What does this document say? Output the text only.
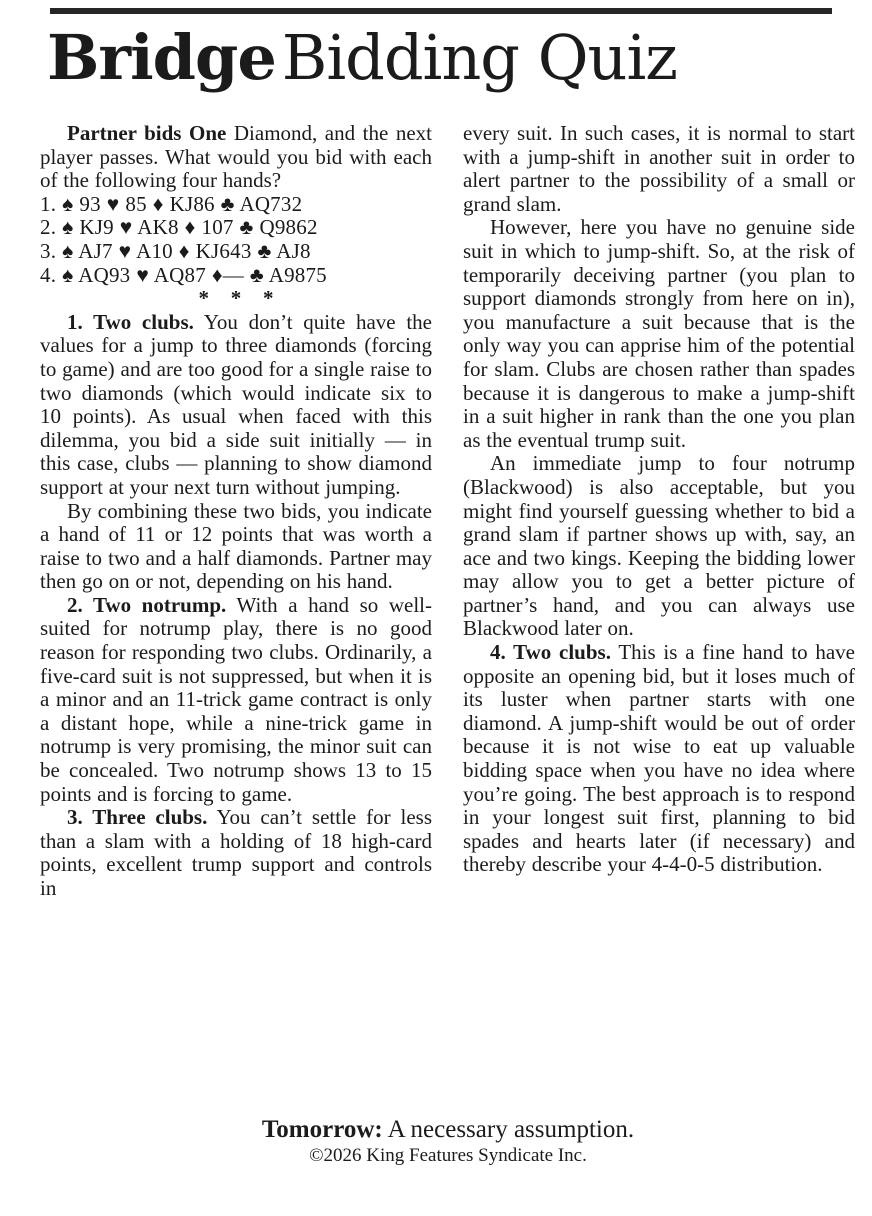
BridgeBidding Quiz

Partner bids One Diamond, and the next player passes. What would you bid with each of the following four hands?

1. ♠ 93 ♥ 85 ♦ KJ86 ♣ AQ732
2. ♠ KJ9 ♥ AK8 ♦ 107 ♣ Q9862
3. ♠ AJ7 ♥ A10 ♦ KJ643 ♣ AJ8
4. ♠ AQ93 ♥ AQ87 ♦— ♣ A9875
* * *

1. Two clubs. You don’t quite have the values for a jump to three diamonds (forcing to game) and are too good for a single raise to two diamonds (which would indicate six to 10 points). As usual when faced with this dilemma, you bid a side suit initially — in this case, clubs — planning to show diamond support at your next turn without jumping.

By combining these two bids, you indicate a hand of 11 or 12 points that was worth a raise to two and a half diamonds. Partner may then go on or not, depending on his hand.

2. Two notrump. With a hand so well-suited for notrump play, there is no good reason for responding two clubs. Ordinarily, a five-card suit is not suppressed, but when it is a minor and an 11-trick game contract is only a distant hope, while a nine-trick game in notrump is very promising, the minor suit can be concealed. Two notrump shows 13 to 15 points and is forcing to game.

3. Three clubs. You can’t settle for less than a slam with a holding of 18 high-card points, excellent trump support and controls in

every suit. In such cases, it is normal to start with a jump-shift in another suit in order to alert partner to the possibility of a small or grand slam.

However, here you have no genuine side suit in which to jump-shift. So, at the risk of temporarily deceiving partner (you plan to support diamonds strongly from here on in), you manufacture a suit because that is the only way you can apprise him of the potential for slam. Clubs are chosen rather than spades because it is dangerous to make a jump-shift in a suit higher in rank than the one you plan as the eventual trump suit.

An immediate jump to four notrump (Blackwood) is also acceptable, but you might find yourself guessing whether to bid a grand slam if partner shows up with, say, an ace and two kings. Keeping the bidding lower may allow you to get a better picture of partner’s hand, and you can always use Blackwood later on.

4. Two clubs. This is a fine hand to have opposite an opening bid, but it loses much of its luster when partner starts with one diamond. A jump-shift would be out of order because it is not wise to eat up valuable bidding space when you have no idea where you’re going. The best approach is to respond in your longest suit first, planning to bid spades and hearts later (if necessary) and thereby describe your 4-4-0-5 distribution.

Tomorrow: A necessary assumption.
©2026 King Features Syndicate Inc.
